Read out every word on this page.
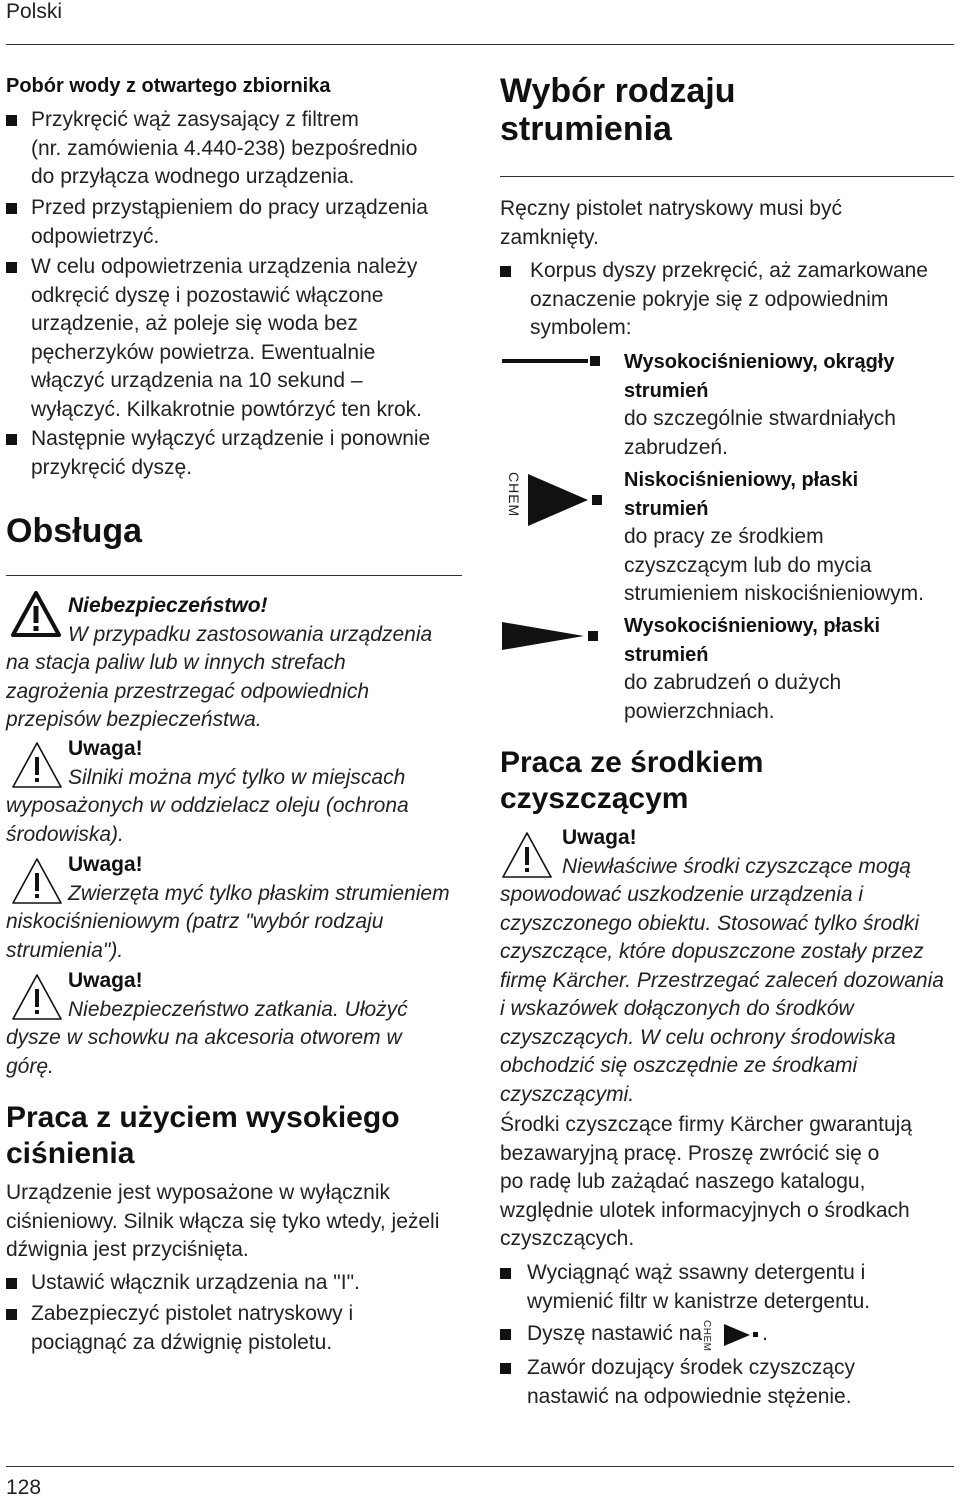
Polski
Pobór wody z otwartego zbiornika
Przykręcić wąż zasysający z filtrem
(nr. zamówienia 4.440-238) bezpośrednio
do przyłącza wodnego urządzenia.
Przed przystąpieniem do pracy urządzenia
odpowietrzyć.
W celu odpowietrzenia urządzenia należy
odkręcić dyszę i pozostawić włączone
urządzenie, aż poleje się woda bez
pęcherzyków powietrza. Ewentualnie
włączyć urządzenia na 10 sekund –
wyłączyć. Kilkakrotnie powtórzyć ten krok.
Następnie wyłączyć urządzenie i ponownie
przykręcić dyszę.
Obsługa
Niebezpieczeństwo!
W przypadku zastosowania urządzenia
na stacja paliw lub w innych strefach
zagrożenia przestrzegać odpowiednich
przepisów bezpieczeństwa.
Uwaga!
Silniki można myć tylko w miejscach
wyposażonych w oddzielacz oleju (ochrona
środowiska).
Uwaga!
Zwierzęta myć tylko płaskim strumieniem
niskociśnieniowym (patrz "wybór rodzaju
strumienia").
Uwaga!
Niebezpieczeństwo zatkania. Ułożyć
dysze w schowku na akcesoria otworem w
górę.
Praca z użyciem wysokiego
ciśnienia
Urządzenie jest wyposażone w wyłącznik
ciśnieniowy. Silnik włącza się tyko wtedy, jeżeli
dźwignia jest przyciśnięta.
Ustawić włącznik urządzenia na "I".
Zabezpieczyć pistolet natryskowy i
pociągnąć za dźwignię pistoletu.
Wybór rodzaju
strumienia
Ręczny pistolet natryskowy musi być
zamknięty.
Korpus dyszy przekręcić, aż zamarkowane
oznaczenie pokryje się z odpowiednim
symbolem:
Wysokociśnieniowy, okrągły
strumień
do szczególnie stwardniałych
zabrudzeń.
CHEM	Niskociśnieniowy, płaski
strumień
do pracy ze środkiem
czyszczącym lub do mycia
strumieniem niskociśnieniowym.
Wysokociśnieniowy, płaski
strumień
do zabrudzeń o dużych
powierzchniach.
Praca ze środkiem
czyszczącym
Uwaga!
Niewłaściwe środki czyszczące mogą
spowodować uszkodzenie urządzenia i
czyszczonego obiektu. Stosować tylko środki
czyszczące, które dopuszczone zostały przez
firmę Kärcher. Przestrzegać zaleceń dozowania
i wskazówek dołączonych do środków
czyszczących. W celu ochrony środowiska
obchodzić się oszczędnie ze środkami
czyszczącymi.
Środki czyszczące firmy Kärcher gwarantują
bezawaryjną pracę. Proszę zwrócić się o
po radę lub zażądać naszego katalogu,
względnie ulotek informacyjnych o środkach
czyszczących.
Wyciągnąć wąż ssawny detergentu i
wymienić filtr w kanistrze detergentu.
Dyszę nastawić na CHEM	.
Zawór dozujący środek czyszczący
nastawić na odpowiednie stężenie.
128
